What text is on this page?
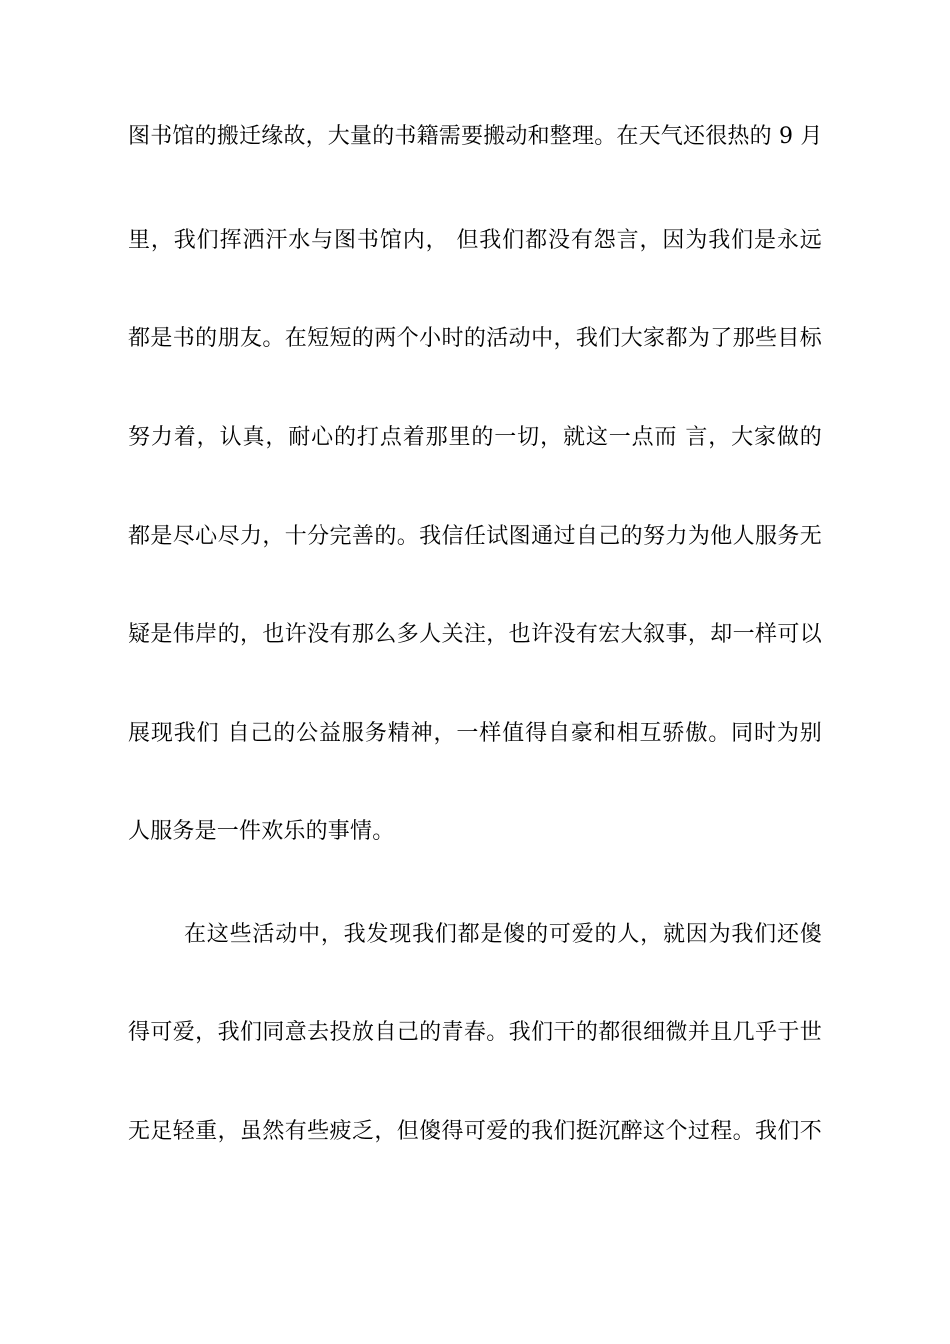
图书馆的搬迁缘故，大量的书籍需要搬动和整理。在天气还很热的 9 月
里，我们挥洒汗水与图书馆内， 但我们都没有怨言，因为我们是永远
都是书的朋友。在短短的两个小时的活动中，我们大家都为了那些目标
努力着，认真，耐心的打点着那里的一切，就这一点而 言，大家做的
都是尽心尽力，十分完善的。我信任试图通过自己的努力为他人服务无
疑是伟岸的，也许没有那么多人关注，也许没有宏大叙事，却一样可以
展现我们 自己的公益服务精神，一样值得自豪和相互骄傲。同时为别
人服务是一件欢乐的事情。
在这些活动中，我发现我们都是傻的可爱的人，就因为我们还傻
得可爱，我们同意去投放自己的青春。我们干的都很细微并且几乎于世
无足轻重，虽然有些疲乏，但傻得可爱的我们挺沉醉这个过程。我们不
